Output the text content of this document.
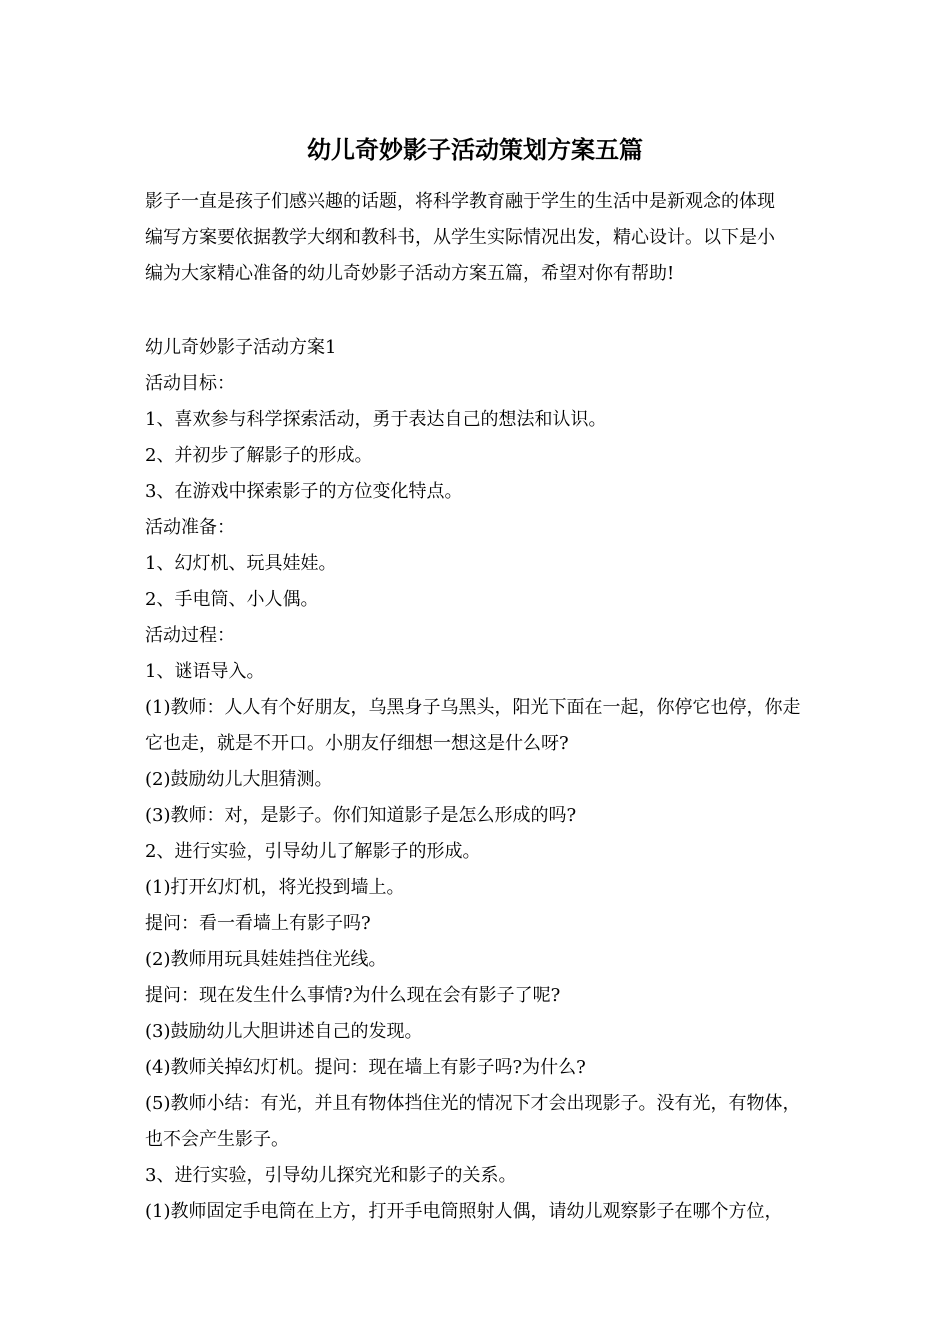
幼儿奇妙影子活动策划方案五篇

影子一直是孩子们感兴趣的话题，将科学教育融于学生的生活中是新观念的体现

编写方案要依据教学大纲和教科书，从学生实际情况出发，精心设计。以下是小

编为大家精心准备的幼儿奇妙影子活动方案五篇，希望对你有帮助!

幼儿奇妙影子活动方案1

活动目标：

1、喜欢参与科学探索活动，勇于表达自己的想法和认识。

2、并初步了解影子的形成。

3、在游戏中探索影子的方位变化特点。

活动准备：

1、幻灯机、玩具娃娃。

2、手电筒、小人偶。

活动过程：

1、谜语导入。

(1)教师：人人有个好朋友，乌黑身子乌黑头，阳光下面在一起，你停它也停，你走

它也走，就是不开口。小朋友仔细想一想这是什么呀?

(2)鼓励幼儿大胆猜测。

(3)教师：对，是影子。你们知道影子是怎么形成的吗?

2、进行实验，引导幼儿了解影子的形成。

(1)打开幻灯机，将光投到墙上。

提问：看一看墙上有影子吗?

(2)教师用玩具娃娃挡住光线。

提问：现在发生什么事情?为什么现在会有影子了呢?

(3)鼓励幼儿大胆讲述自己的发现。

(4)教师关掉幻灯机。提问：现在墙上有影子吗?为什么?

(5)教师小结：有光，并且有物体挡住光的情况下才会出现影子。没有光，有物体，

也不会产生影子。

3、进行实验，引导幼儿探究光和影子的关系。

(1)教师固定手电筒在上方，打开手电筒照射人偶，请幼儿观察影子在哪个方位，
